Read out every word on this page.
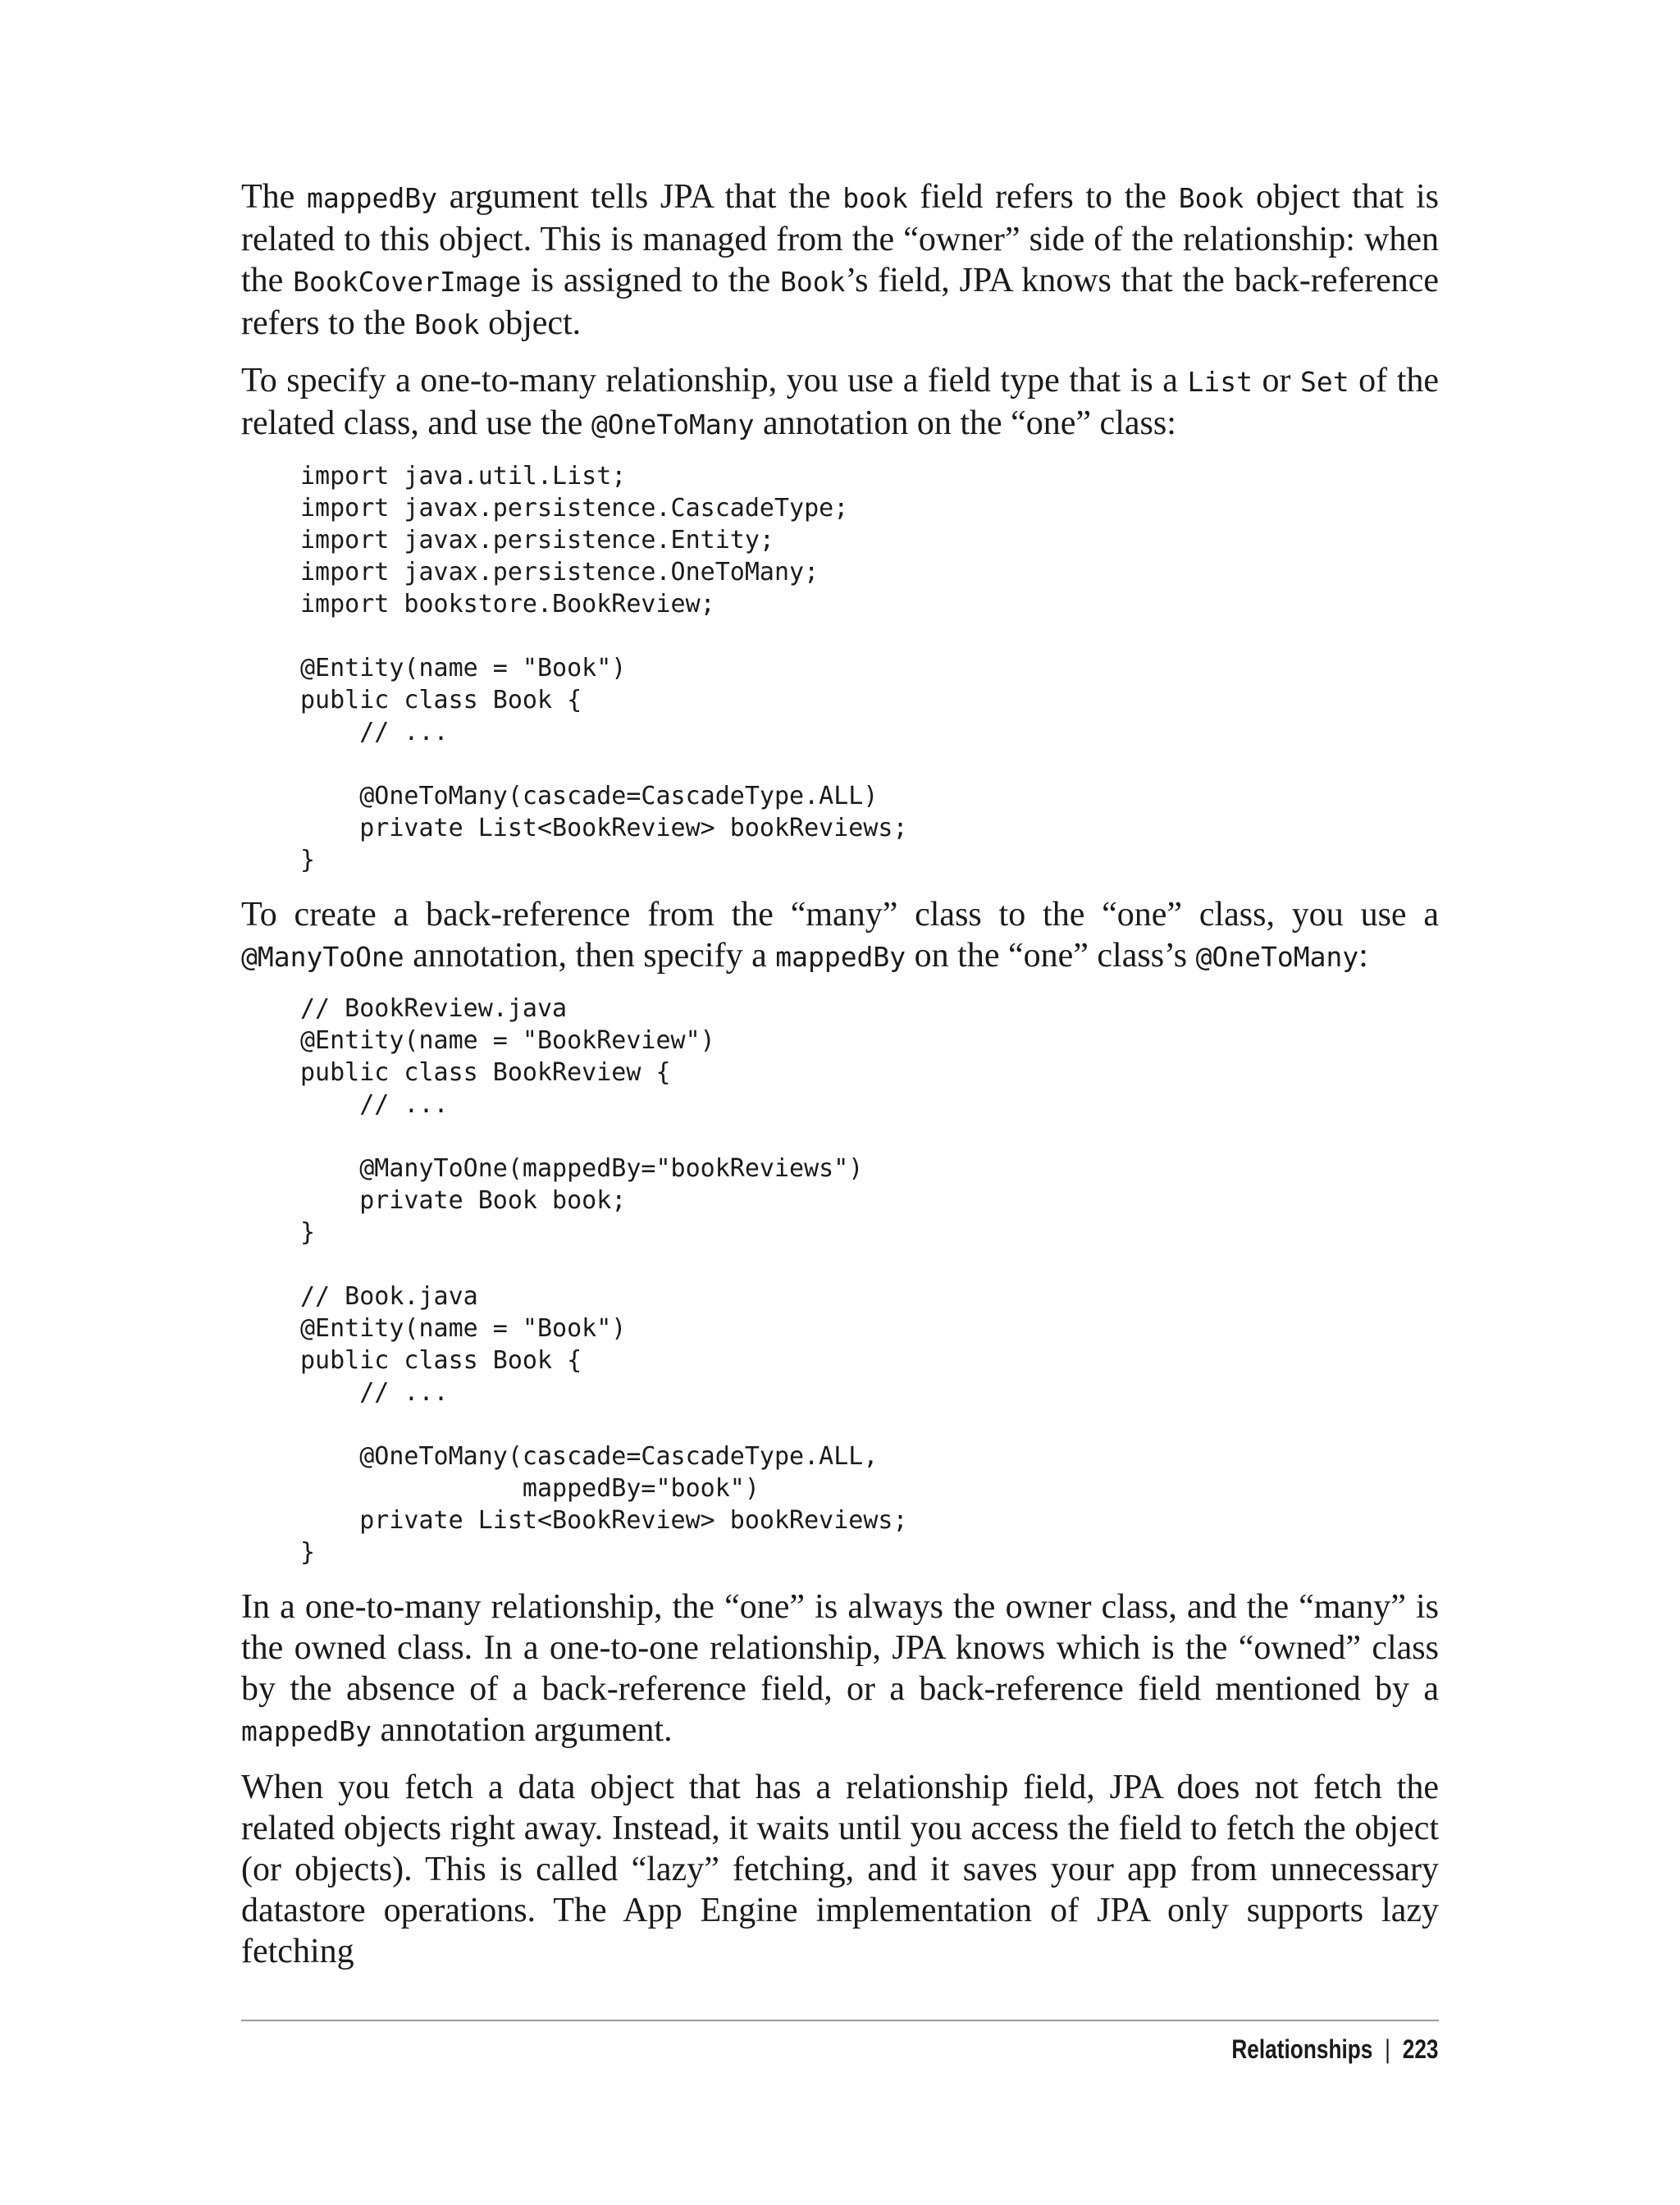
The mappedBy argument tells JPA that the book field refers to the Book object that is related to this object. This is managed from the “owner” side of the relationship: when the BookCoverImage is assigned to the Book’s field, JPA knows that the back-reference refers to the Book object.

To specify a one-to-many relationship, you use a field type that is a List or Set of the related class, and use the @OneToMany annotation on the “one” class:

import java.util.List;
import javax.persistence.CascadeType;
import javax.persistence.Entity;
import javax.persistence.OneToMany;
import bookstore.BookReview;

@Entity(name = "Book")
public class Book {
// ...

@OneToMany(cascade=CascadeType.ALL)
private List<BookReview> bookReviews;
}

To create a back-reference from the “many” class to the “one” class, you use a @ManyToOne annotation, then specify a mappedBy on the “one” class’s @OneToMany:

// BookReview.java
@Entity(name = "BookReview")
public class BookReview {
// ...

@ManyToOne(mappedBy="bookReviews")
private Book book;
}

// Book.java
@Entity(name = "Book")
public class Book {
// ...

@OneToMany(cascade=CascadeType.ALL,
mappedBy="book")
private List<BookReview> bookReviews;
}

In a one-to-many relationship, the “one” is always the owner class, and the “many” is the owned class. In a one-to-one relationship, JPA knows which is the “owned” class by the absence of a back-reference field, or a back-reference field mentioned by a mappedBy annotation argument.

When you fetch a data object that has a relationship field, JPA does not fetch the related objects right away. Instead, it waits until you access the field to fetch the object (or objects). This is called “lazy” fetching, and it saves your app from unnecessary datastore operations. The App Engine implementation of JPA only supports lazy fetching

Relationships | 223
